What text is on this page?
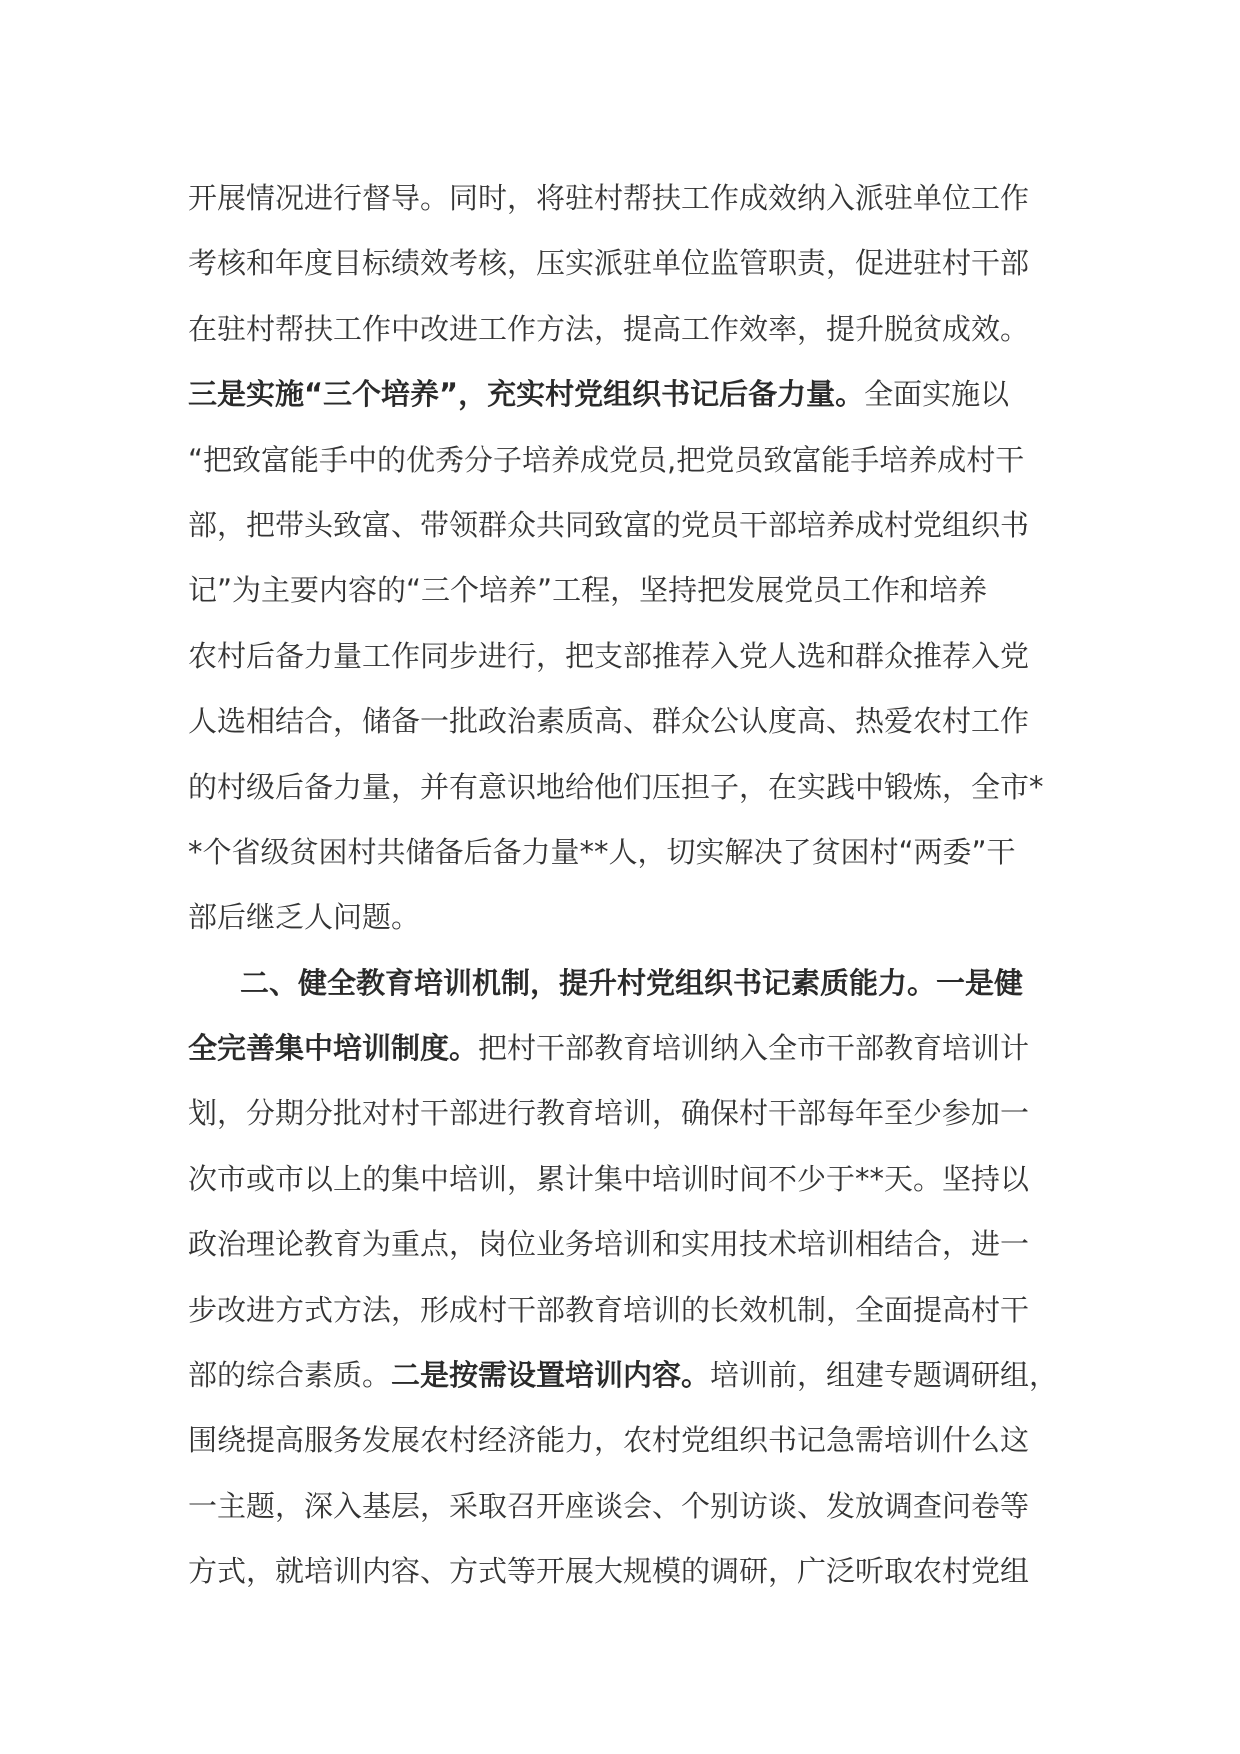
开展情况进行督导。同时，将驻村帮扶工作成效纳入派驻单位工作
考核和年度目标绩效考核，压实派驻单位监管职责，促进驻村干部
在驻村帮扶工作中改进工作方法，提高工作效率，提升脱贫成效。
三是实施“三个培养”，充实村党组织书记后备力量。全面实施以
“把致富能手中的优秀分子培养成党员,把党员致富能手培养成村干
部，把带头致富、带领群众共同致富的党员干部培养成村党组织书
记”为主要内容的“三个培养”工程，坚持把发展党员工作和培养
农村后备力量工作同步进行，把支部推荐入党人选和群众推荐入党
人选相结合，储备一批政治素质高、群众公认度高、热爱农村工作
的村级后备力量，并有意识地给他们压担子，在实践中锻炼，全市*
*个省级贫困村共储备后备力量**人，切实解决了贫困村“两委”干
部后继乏人问题。
二、健全教育培训机制，提升村党组织书记素质能力。一是健
全完善集中培训制度。把村干部教育培训纳入全市干部教育培训计
划，分期分批对村干部进行教育培训，确保村干部每年至少参加一
次市或市以上的集中培训，累计集中培训时间不少于**天。坚持以
政治理论教育为重点，岗位业务培训和实用技术培训相结合，进一
步改进方式方法，形成村干部教育培训的长效机制，全面提高村干
部的综合素质。二是按需设置培训内容。培训前，组建专题调研组，
围绕提高服务发展农村经济能力，农村党组织书记急需培训什么这
一主题，深入基层，采取召开座谈会、个别访谈、发放调查问卷等
方式，就培训内容、方式等开展大规模的调研，广泛听取农村党组
